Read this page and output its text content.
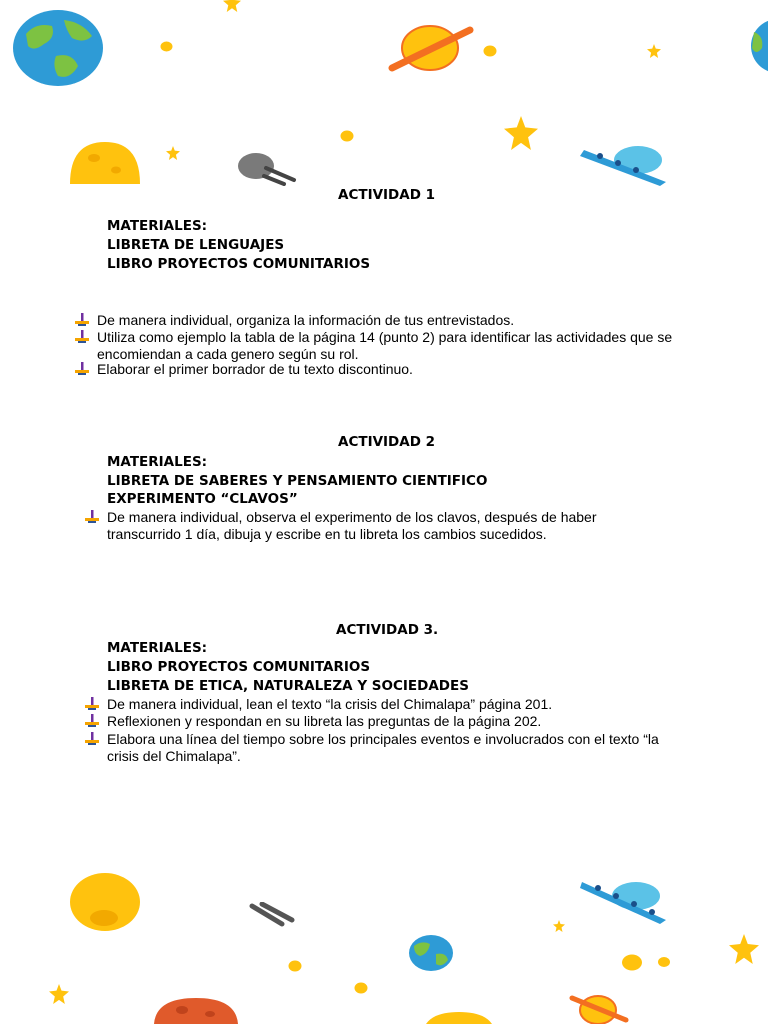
ACTIVIDAD 1
MATERIALES:
LIBRETA DE LENGUAJES
LIBRO PROYECTOS COMUNITARIOS
De manera individual, organiza la información de tus entrevistados.
Utiliza como ejemplo la tabla de la página 14 (punto 2) para identificar las actividades que se
encomiendan a cada genero según su rol.
Elaborar el primer borrador de tu texto discontinuo.
ACTIVIDAD 2
MATERIALES:
LIBRETA DE SABERES Y PENSAMIENTO CIENTIFICO
EXPERIMENTO “CLAVOS”
De manera individual, observa el experimento de los clavos, después de haber
transcurrido 1 día, dibuja y escribe en tu libreta los cambios sucedidos.
ACTIVIDAD 3.
MATERIALES:
LIBRO PROYECTOS COMUNITARIOS
LIBRETA DE ETICA, NATURALEZA Y SOCIEDADES
De manera individual, lean el texto “la crisis del Chimalapa” página 201.
Reflexionen y respondan en su libreta las preguntas de la página 202.
Elabora una línea del tiempo sobre los principales eventos e involucrados con el texto “la
crisis del Chimalapa”.
